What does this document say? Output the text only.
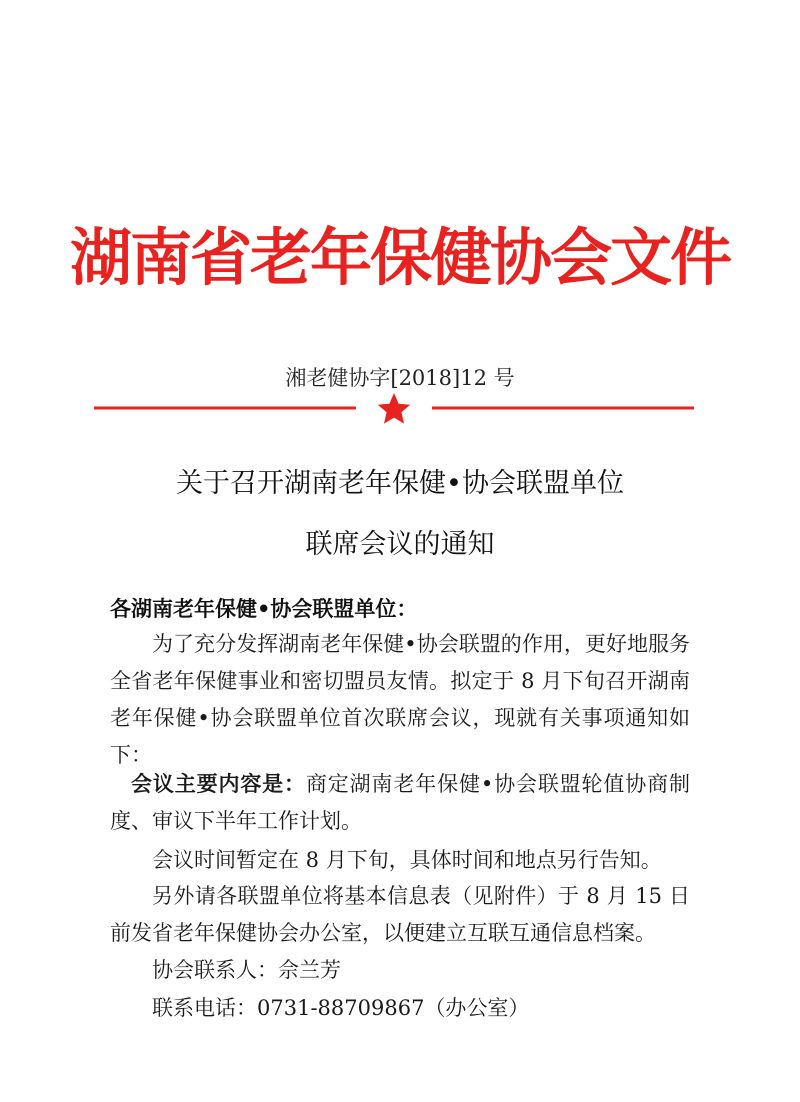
湖南省老年保健协会文件
湘老健协字[2018]12 号
关于召开湖南老年保健•协会联盟单位
联席会议的通知
各湖南老年保健•协会联盟单位：
为了充分发挥湖南老年保健•协会联盟的作用，更好地服务全省老年保健事业和密切盟员友情。拟定于 8 月下旬召开湖南老年保健•协会联盟单位首次联席会议，现就有关事项通知如下：
会议主要内容是：商定湖南老年保健•协会联盟轮值协商制度、审议下半年工作计划。
会议时间暂定在 8 月下旬，具体时间和地点另行告知。
另外请各联盟单位将基本信息表（见附件）于 8 月 15 日前发省老年保健协会办公室，以便建立互联互通信息档案。
协会联系人：佘兰芳
联系电话：0731-88709867（办公室）
